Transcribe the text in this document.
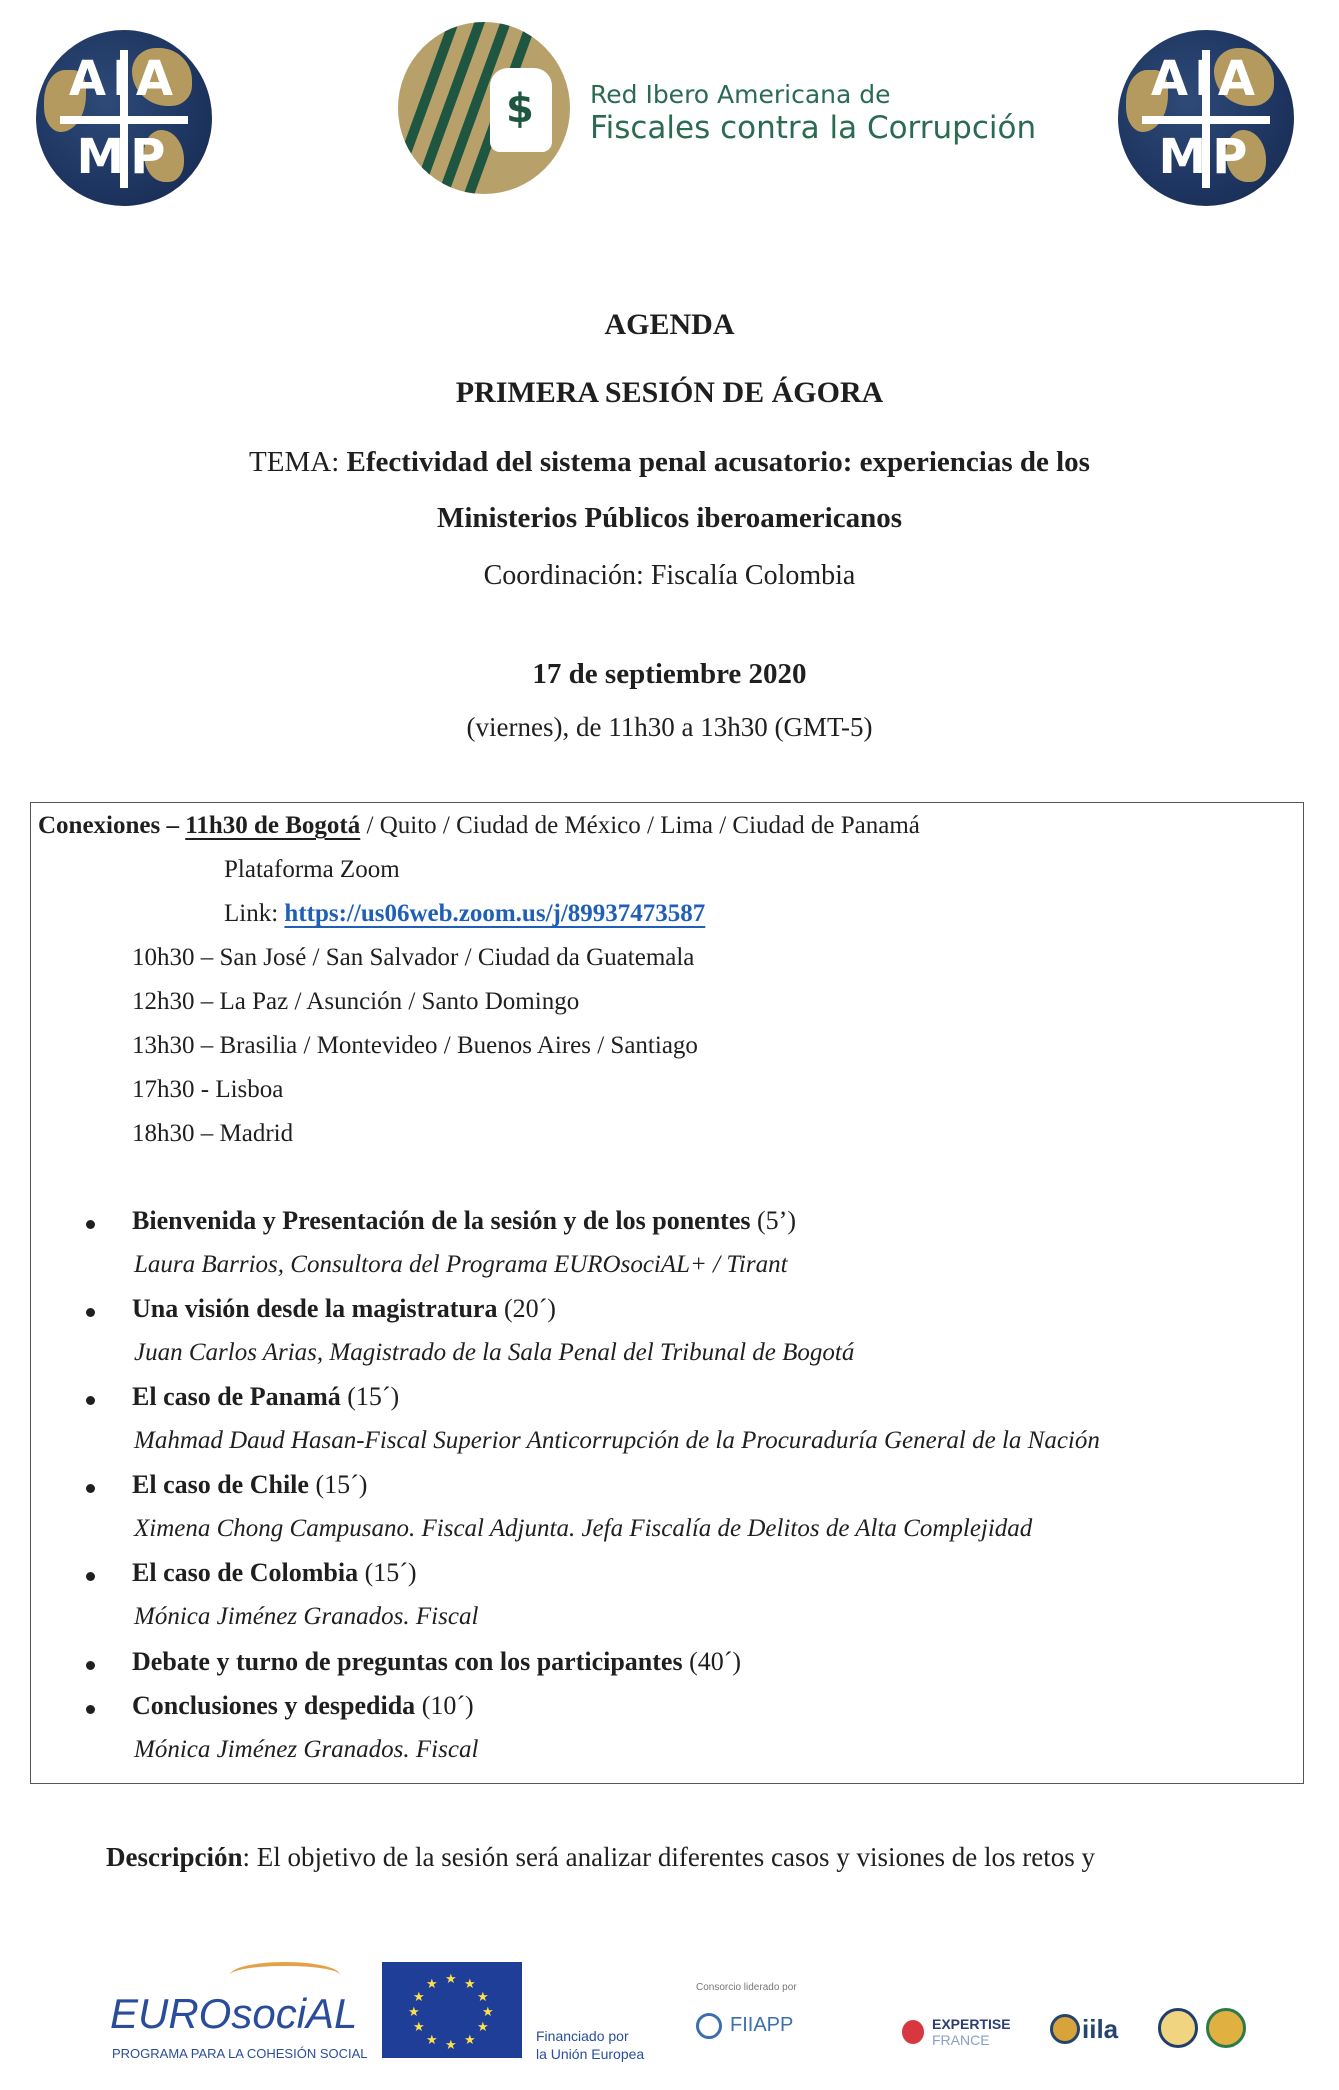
AIA
MP
$ Red Ibero Americana de
Fiscales contra la Corrupción
AIA
MP
AGENDA
PRIMERA SESIÓN DE ÁGORA
TEMA: Efectividad del sistema penal acusatorio: experiencias de los
Ministerios Públicos iberoamericanos
Coordinación: Fiscalía Colombia
17 de septiembre 2020
(viernes), de 11h30 a 13h30 (GMT-5)
Conexiones – 11h30 de Bogotá / Quito / Ciudad de México / Lima / Ciudad de Panamá
Plataforma Zoom
Link: https://us06web.zoom.us/j/89937473587
10h30 – San José / San Salvador / Ciudad da Guatemala
12h30 – La Paz / Asunción / Santo Domingo
13h30 – Brasilia / Montevideo / Buenos Aires / Santiago
17h30 - Lisboa
18h30 – Madrid
Bienvenida y Presentación de la sesión y de los ponentes (5’)
Laura Barrios, Consultora del Programa EUROsociAL+ / Tirant
Una visión desde la magistratura (20´)
Juan Carlos Arias, Magistrado de la Sala Penal del Tribunal de Bogotá
El caso de Panamá (15´)
Mahmad Daud Hasan-Fiscal Superior Anticorrupción de la Procuraduría General de la Nación
El caso de Chile (15´)
Ximena Chong Campusano. Fiscal Adjunta. Jefa Fiscalía de Delitos de Alta Complejidad
El caso de Colombia (15´)
Mónica Jiménez Granados. Fiscal
Debate y turno de preguntas con los participantes (40´)
Conclusiones y despedida (10´)
Mónica Jiménez Granados. Fiscal
Descripción: El objetivo de la sesión será analizar diferentes casos y visiones de los retos y
EUROsociAL
PROGRAMA PARA LA COHESIÓN SOCIAL
★ ★
★
★
★
★
★
★
★
★
★
★
Financiado por
la Unión Europea
Consorcio liderado por
FIIAPP	EXPERTISE
FRANCE	iila
